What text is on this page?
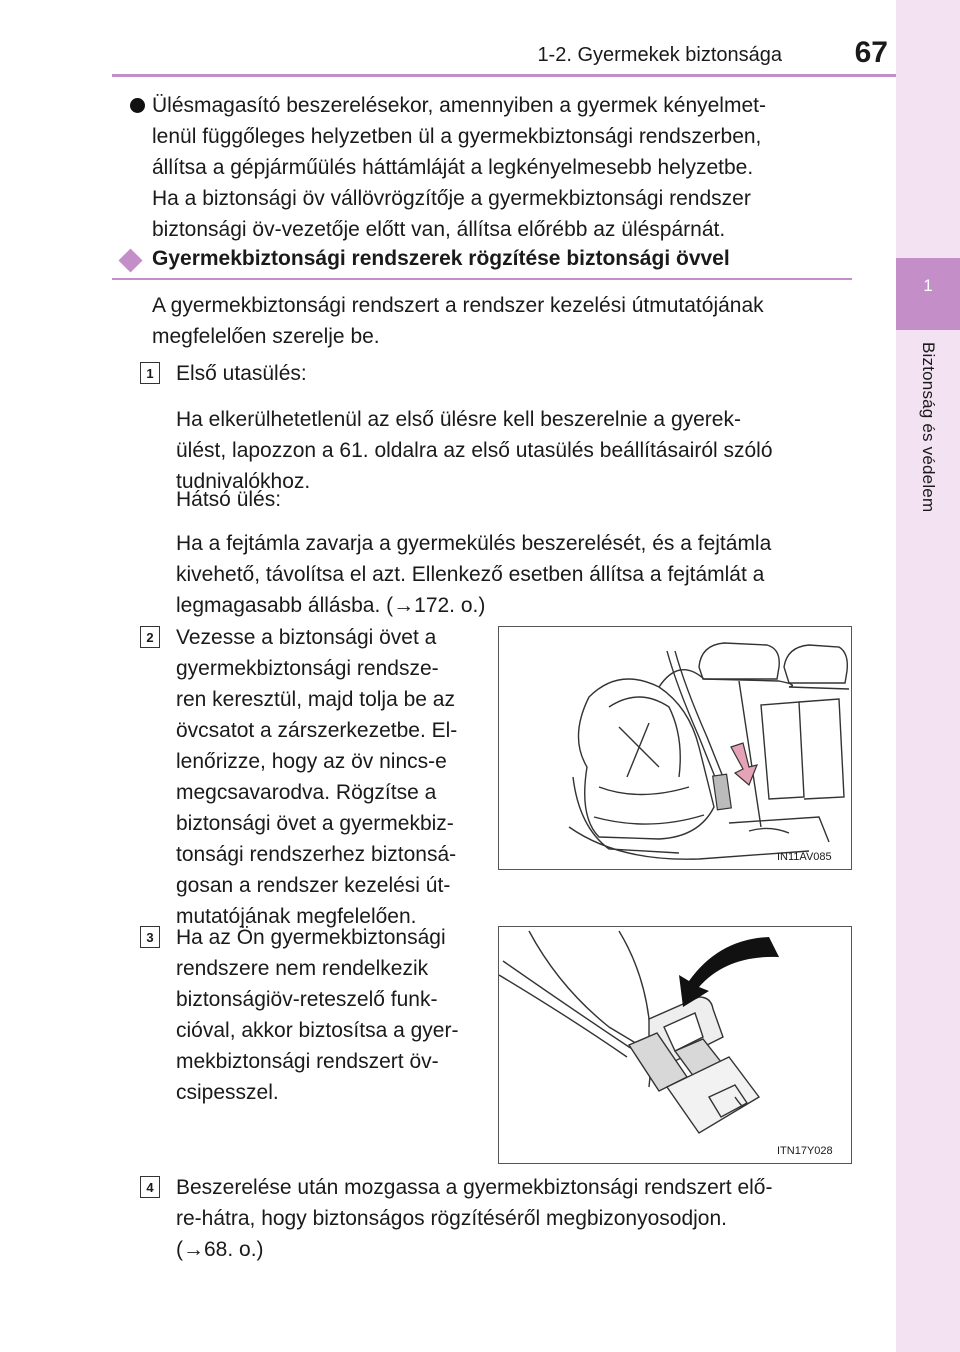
1-2. Gyermekek biztonsága	67
1
Biztonság és védelem

Ülésmagasító beszerelésekor, amennyiben a gyermek kényelmet-

lenül függőleges helyzetben ül a gyermekbiztonsági rendszerben,

állítsa a gépjárműülés háttámláját a legkényelmesebb helyzetbe.

Ha a biztonsági öv vállövrögzítője a gyermekbiztonsági rendszer

biztonsági öv-vezetője előtt van, állítsa előrébb az üléspárnát.

Gyermekbiztonsági rendszerek rögzítése biztonsági övvel

A gyermekbiztonsági rendszert a rendszer kezelési útmutatójának

megfelelően szerelje be.

1	Első utasülés:

Ha elkerülhetetlenül az első ülésre kell beszerelnie a gyerek-

ülést, lapozzon a 61. oldalra az első utasülés beállításairól szóló

tudnivalókhoz.

Hátsó ülés:

Ha a fejtámla zavarja a gyermekülés beszerelését, és a fejtámla

kivehető, távolítsa el azt. Ellenkező esetben állítsa a fejtámlát a

legmagasabb állásba. (→172. o.)

2	Vezesse a biztonsági övet a

gyermekbiztonsági rendsze-

ren keresztül, majd tolja be az

övcsatot a zárszerkezetbe. El-

lenőrizze, hogy az öv nincs-e

megcsavarodva. Rögzítse a

biztonsági övet a gyermekbiz-

tonsági rendszerhez biztonsá-

gosan a rendszer kezelési út-

mutatójának megfelelően.

IN11AV085
3	Ha az Ön gyermekbiztonsági

rendszere nem rendelkezik

biztonságiöv-reteszelő funk-

cióval, akkor biztosítsa a gyer-

mekbiztonsági rendszert öv-

csipesszel.

ITN17Y028
4	Beszerelése után mozgassa a gyermekbiztonsági rendszert elő-

re-hátra, hogy biztonságos rögzítéséről megbizonyosodjon.

(→68. o.)
